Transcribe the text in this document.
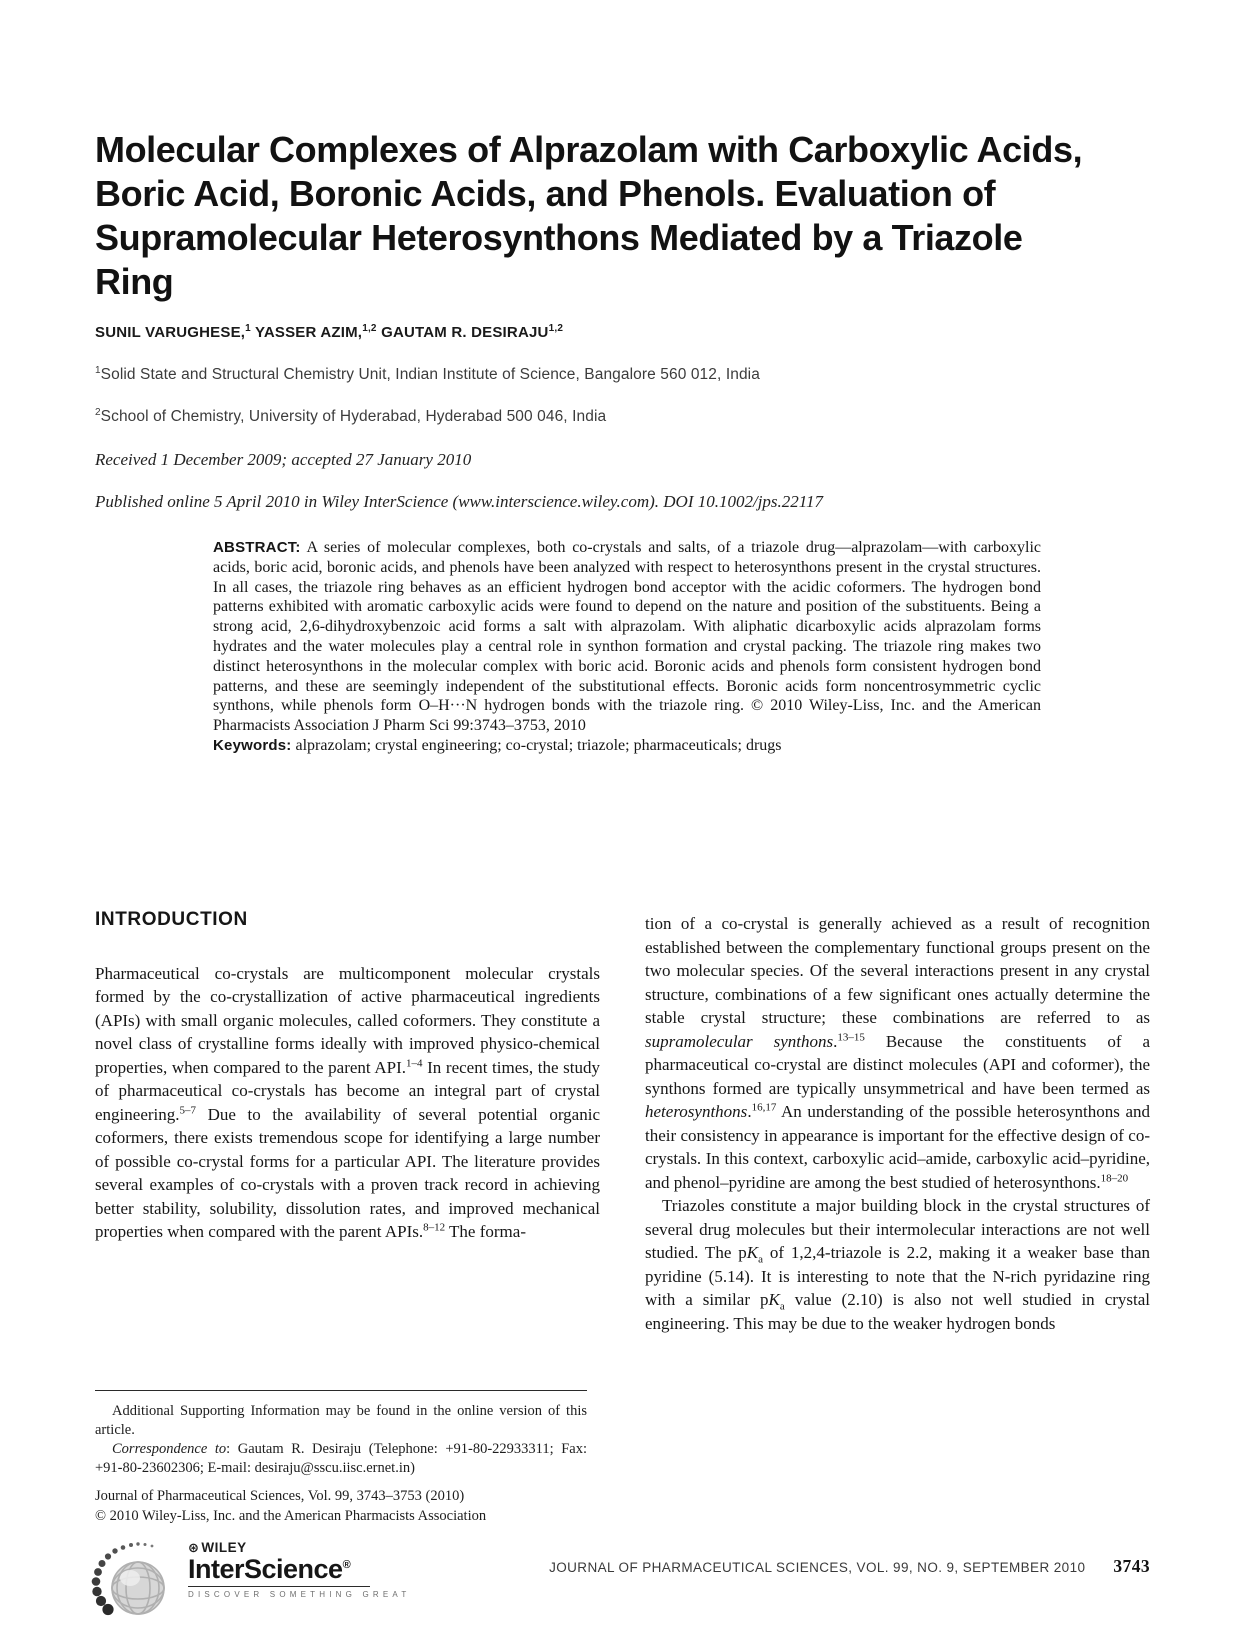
Molecular Complexes of Alprazolam with Carboxylic Acids, Boric Acid, Boronic Acids, and Phenols. Evaluation of Supramolecular Heterosynthons Mediated by a Triazole Ring
SUNIL VARUGHESE,$^1$ YASSER AZIM,$^{1,2}$ GAUTAM R. DESIRAJU$^{1,2}$
$^1$Solid State and Structural Chemistry Unit, Indian Institute of Science, Bangalore 560 012, India
$^2$School of Chemistry, University of Hyderabad, Hyderabad 500 046, India
Received 1 December 2009; accepted 27 January 2010
Published online 5 April 2010 in Wiley InterScience (www.interscience.wiley.com). DOI 10.1002/jps.22117
ABSTRACT: A series of molecular complexes, both co-crystals and salts, of a triazole drug—alprazolam—with carboxylic acids, boric acid, boronic acids, and phenols have been analyzed with respect to heterosynthons present in the crystal structures. In all cases, the triazole ring behaves as an efficient hydrogen bond acceptor with the acidic coformers. The hydrogen bond patterns exhibited with aromatic carboxylic acids were found to depend on the nature and position of the substituents. Being a strong acid, 2,6-dihydroxybenzoic acid forms a salt with alprazolam. With aliphatic dicarboxylic acids alprazolam forms hydrates and the water molecules play a central role in synthon formation and crystal packing. The triazole ring makes two distinct heterosynthons in the molecular complex with boric acid. Boronic acids and phenols form consistent hydrogen bond patterns, and these are seemingly independent of the substitutional effects. Boronic acids form noncentrosymmetric cyclic synthons, while phenols form O–H···N hydrogen bonds with the triazole ring. © 2010 Wiley-Liss, Inc. and the American Pharmacists Association J Pharm Sci 99:3743–3753, 2010
Keywords: alprazolam; crystal engineering; co-crystal; triazole; pharmaceuticals; drugs
INTRODUCTION

Pharmaceutical co-crystals are multicomponent molecular crystals formed by the co-crystallization of active pharmaceutical ingredients (APIs) with small organic molecules, called coformers. They constitute a novel class of crystalline forms ideally with improved physico-chemical properties, when compared to the parent API.$^{1-4}$ In recent times, the study of pharmaceutical co-crystals has become an integral part of crystal engineering.$^{5-7}$ Due to the availability of several potential organic coformers, there exists tremendous scope for identifying a large number of possible co-crystal forms for a particular API. The literature provides several examples of co-crystals with a proven track record in achieving better stability, solubility, dissolution rates, and improved mechanical properties when compared with the parent APIs.$^{8-12}$ The forma-

tion of a co-crystal is generally achieved as a result of recognition established between the complementary functional groups present on the two molecular species. Of the several interactions present in any crystal structure, combinations of a few significant ones actually determine the stable crystal structure; these combinations are referred to as supramolecular synthons.$^{13-15}$ Because the constituents of a pharmaceutical co-crystal are distinct molecules (API and coformer), the synthons formed are typically unsymmetrical and have been termed as heterosynthons.$^{16,17}$ An understanding of the possible heterosynthons and their consistency in appearance is important for the effective design of co-crystals. In this context, carboxylic acid–amide, carboxylic acid–pyridine, and phenol–pyridine are among the best studied of heterosynthons.$^{18-20}$

Triazoles constitute a major building block in the crystal structures of several drug molecules but their intermolecular interactions are not well studied. The $pK_a$ of 1,2,4-triazole is 2.2, making it a weaker base than pyridine (5.14). It is interesting to note that the N-rich pyridazine ring with a similar $pK_a$ value (2.10) is also not well studied in crystal engineering. This may be due to the weaker hydrogen bonds

Additional Supporting Information may be found in the online version of this article.

Correspondence to: Gautam R. Desiraju (Telephone: +91-80-22933311; Fax: +91-80-23602306; E-mail: desiraju@sscu.iisc.ernet.in)

Journal of Pharmaceutical Sciences, Vol. 99, 3743–3753 (2010)

© 2010 Wiley-Liss, Inc. and the American Pharmacists Association

⊛ WILEY
InterScience®
DISCOVER SOMETHING GREAT
JOURNAL OF PHARMACEUTICAL SCIENCES, VOL. 99, NO. 9, SEPTEMBER 2010 3743
